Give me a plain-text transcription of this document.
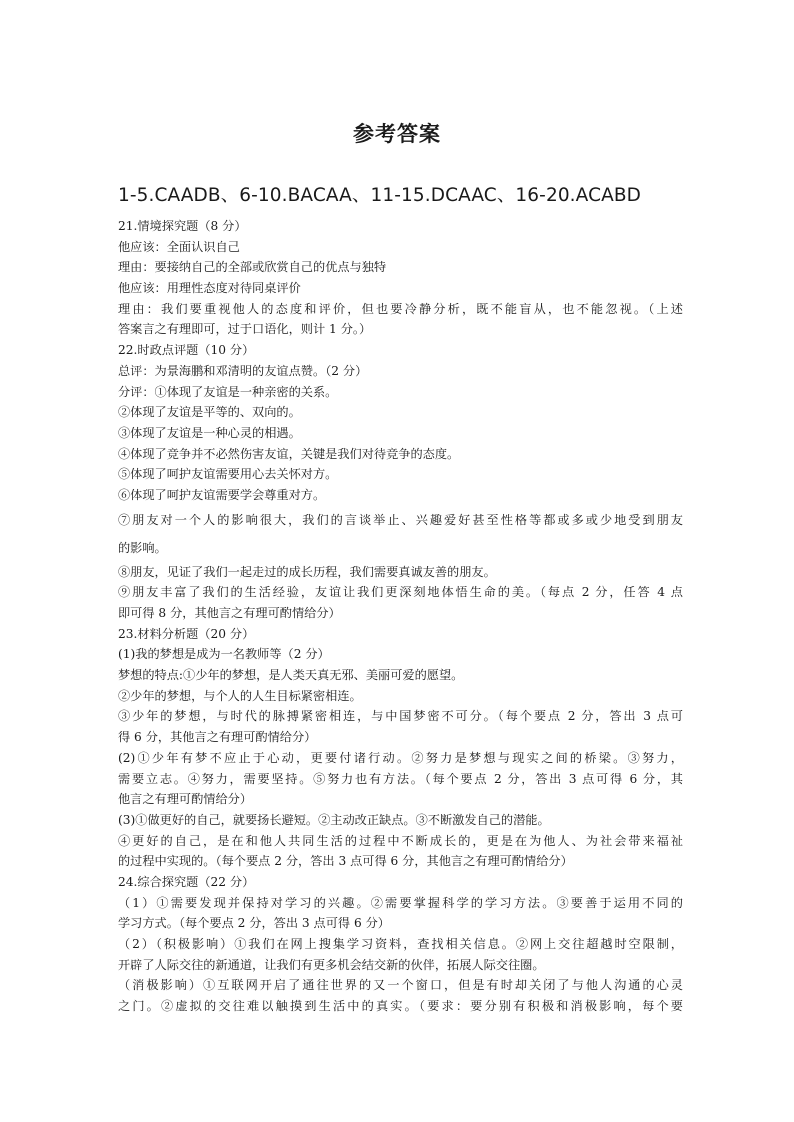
参考答案
1-5.CAADB、6-10.BACAA、11-15.DCAAC、16-20.ACABD
21.情境探究题（8 分）
他应该：全面认识自己
理由：要接纳自己的全部或欣赏自己的优点与独特
他应该：用理性态度对待同桌评价
理由：我们要重视他人的态度和评价，但也要冷静分析，既不能盲从，也不能忽视。（上述
答案言之有理即可，过于口语化，则计 1 分。）
22.时政点评题（10 分）
总评：为景海鹏和邓清明的友谊点赞。（2 分）
分评：①体现了友谊是一种亲密的关系。
②体现了友谊是平等的、双向的。
③体现了友谊是一种心灵的相遇。
④体现了竞争并不必然伤害友谊，关键是我们对待竞争的态度。
⑤体现了呵护友谊需要用心去关怀对方。
⑥体现了呵护友谊需要学会尊重对方。
⑦朋友对一个人的影响很大，我们的言谈举止、兴趣爱好甚至性格等都或多或少地受到朋友
的影响。
⑧朋友，见证了我们一起走过的成长历程，我们需要真诚友善的朋友。
⑨朋友丰富了我们的生活经验，友谊让我们更深刻地体悟生命的美。（每点 2 分，任答 4 点
即可得 8 分，其他言之有理可酌情给分）
23.材料分析题（20 分）
(1)我的梦想是成为一名教师等（2 分）
梦想的特点:①少年的梦想，是人类天真无邪、美丽可爱的愿望。
②少年的梦想，与个人的人生目标紧密相连。
③少年的梦想，与时代的脉搏紧密相连，与中国梦密不可分。（每个要点 2 分，答出 3 点可
得 6 分，其他言之有理可酌情给分）
(2)①少年有梦不应止于心动，更要付诸行动。②努力是梦想与现实之间的桥梁。③努力，
需要立志。④努力，需要坚持。⑤努力也有方法。（每个要点 2 分，答出 3 点可得 6 分，其
他言之有理可酌情给分）
(3)①做更好的自己，就要扬长避短。②主动改正缺点。③不断激发自己的潜能。
④更好的自己，是在和他人共同生活的过程中不断成长的，更是在为他人、为社会带来福祉
的过程中实现的。（每个要点 2 分，答出 3 点可得 6 分，其他言之有理可酌情给分）
24.综合探究题（22 分）
（1）①需要发现并保持对学习的兴趣。②需要掌握科学的学习方法。③要善于运用不同的
学习方式。（每个要点 2 分，答出 3 点可得 6 分）
（2）（积极影响）①我们在网上搜集学习资料，查找相关信息。②网上交往超越时空限制，
开辟了人际交往的新通道，让我们有更多机会结交新的伙伴，拓展人际交往圈。
（消极影响）①互联网开启了通往世界的又一个窗口，但是有时却关闭了与他人沟通的心灵
之门。②虚拟的交往难以触摸到生活中的真实。（要求：要分别有积极和消极影响，每个要
